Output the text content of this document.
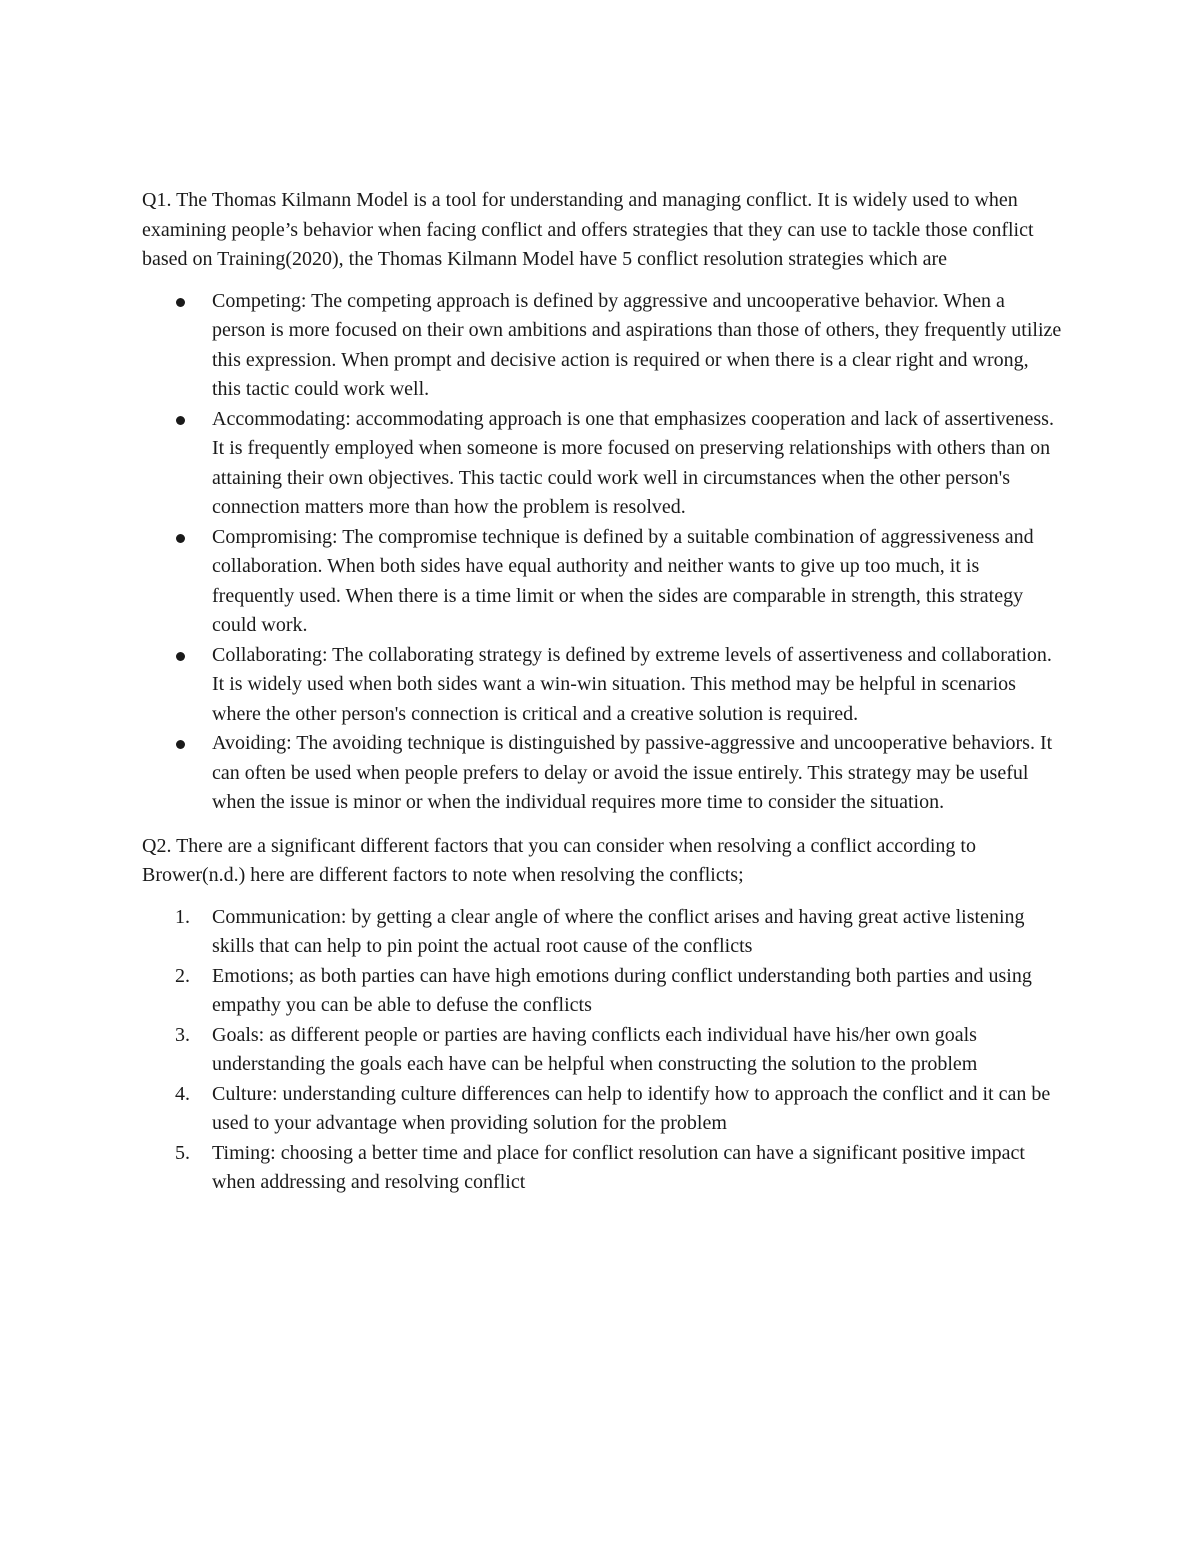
Q1. The Thomas Kilmann Model is a tool for understanding and managing conflict. It is widely used to when examining people’s behavior when facing conflict and offers strategies that they can use to tackle those conflict based on Training(2020), the Thomas Kilmann Model have 5 conflict resolution strategies which are

Competing: The competing approach is defined by aggressive and uncooperative behavior. When a person is more focused on their own ambitions and aspirations than those of others, they frequently utilize this expression. When prompt and decisive action is required or when there is a clear right and wrong, this tactic could work well.
Accommodating: accommodating approach is one that emphasizes cooperation and lack of assertiveness. It is frequently employed when someone is more focused on preserving relationships with others than on attaining their own objectives. This tactic could work well in circumstances when the other person's connection matters more than how the problem is resolved.
Compromising: The compromise technique is defined by a suitable combination of aggressiveness and collaboration. When both sides have equal authority and neither wants to give up too much, it is frequently used. When there is a time limit or when the sides are comparable in strength, this strategy could work.
Collaborating: The collaborating strategy is defined by extreme levels of assertiveness and collaboration. It is widely used when both sides want a win-win situation. This method may be helpful in scenarios where the other person's connection is critical and a creative solution is required.
Avoiding: The avoiding technique is distinguished by passive-aggressive and uncooperative behaviors. It can often be used when people prefers to delay or avoid the issue entirely. This strategy may be useful when the issue is minor or when the individual requires more time to consider the situation.

Q2. There are a significant different factors that you can consider when resolving a conflict according to Brower(n.d.) here are different factors to note when resolving the conflicts;

1. Communication: by getting a clear angle of where the conflict arises and having great active listening skills that can help to pin point the actual root cause of the conflicts
2. Emotions; as both parties can have high emotions during conflict understanding both parties and using empathy you can be able to defuse the conflicts
3. Goals: as different people or parties are having conflicts each individual have his/her own goals understanding the goals each have can be helpful when constructing the solution to the problem
4. Culture: understanding culture differences can help to identify how to approach the conflict and it can be used to your advantage when providing solution for the problem
5. Timing: choosing a better time and place for conflict resolution can have a significant positive impact when addressing and resolving conflict
